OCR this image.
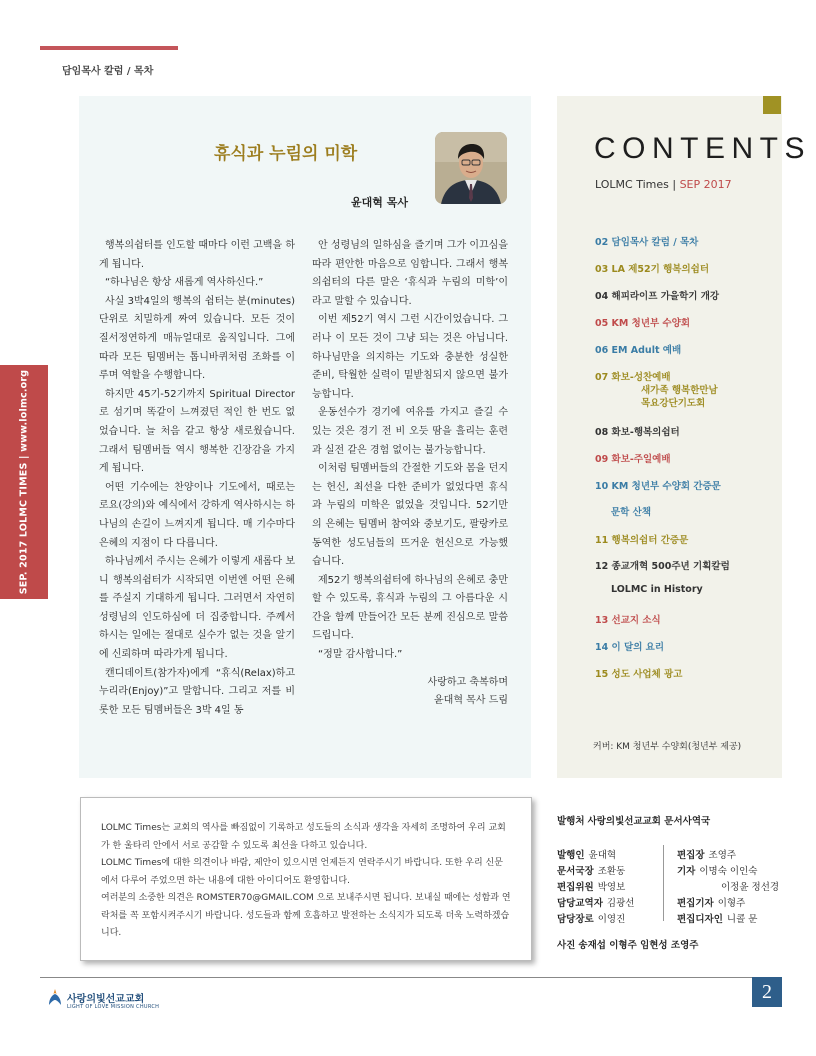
담임목사 칼럼 / 목차
SEP. 2017 LOLMC TIMES | www.lolmc.org
휴식과 누림의 미학
윤대혁 목사

행복의쉼터를 인도할 때마다 이런 고백을 하게 됩니다.

“하나님은 항상 새롭게 역사하신다.”

사실 3박4일의 행복의 쉼터는 분(minutes) 단위로 치밀하게 짜여 있습니다. 모든 것이 질서정연하게 매뉴얼대로 움직입니다. 그에 따라 모든 팀멤버는 톱니바퀴처럼 조화를 이루며 역할을 수행합니다.

하지만 45기-52기까지 Spiritual Director로 섬기며 똑같이 느껴졌던 적인 한 번도 없었습니다. 늘 처음 같고 항상 새로웠습니다. 그래서 팀멤버들 역시 행복한 긴장감을 가지게 됩니다.

어떤 기수에는 찬양이나 기도에서, 때로는 로요(강의)와 예식에서 강하게 역사하시는 하나님의 손길이 느껴지게 됩니다. 매 기수마다 은혜의 지점이 다 다릅니다.

하나님께서 주시는 은혜가 이렇게 새롭다 보니 행복의쉼터가 시작되면 이번엔 어떤 은혜를 주실지 기대하게 됩니다. 그러면서 자연히 성령님의 인도하심에 더 집중합니다. 주께서 하시는 일에는 절대로 실수가 없는 것을 알기에 신뢰하며 따라가게 됩니다.

캔디데이트(참가자)에게 “휴식(Relax)하고 누리라(Enjoy)”고 말합니다. 그리고 저를 비롯한 모든 팀멤버들은 3박 4일 동

안 성령님의 일하심을 즐기며 그가 이끄심을 따라 편안한 마음으로 임합니다. 그래서 행복의쉼터의 다른 말은 ‘휴식과 누림의 미학’이라고 말할 수 있습니다.

이번 제52기 역시 그런 시간이었습니다. 그러나 이 모든 것이 그냥 되는 것은 아닙니다. 하나님만을 의지하는 기도와 충분한 성실한 준비, 탁월한 실력이 밑받침되지 않으면 불가능합니다.

운동선수가 경기에 여유를 가지고 즐길 수 있는 것은 경기 전 비 오듯 땀을 흘리는 훈련과 실전 같은 경험 없이는 불가능합니다.

이처럼 팀멤버들의 간절한 기도와 몸을 던지는 헌신, 최선을 다한 준비가 없었다면 휴식과 누림의 미학은 없었을 것입니다. 52기만의 은혜는 팀멤버 참여와 중보기도, 팔랑카로 동역한 성도님들의 뜨거운 헌신으로 가능했습니다.

제52기 행복의쉼터에 하나님의 은혜로 충만할 수 있도록, 휴식과 누림의 그 아름다운 시간을 함께 만들어간 모든 분께 진심으로 말씀드립니다.

“정말 감사합니다.”

사랑하고 축복하며

윤대혁 목사 드림

CONTENTS
LOLMC Times | SEP 2017
02 담임목사 칼럼 / 목차
03 LA 제52기 행복의쉼터
04 해피라이프 가을학기 개강
05 KM 청년부 수양회
06 EM Adult 예배
07 화보-성찬예배
새가족 행복한만남
목요강단기도회
08 화보-행복의쉼터
09 화보-주일예배
10 KM 청년부 수양회 간증문
문학 산책
11 행복의쉼터 간증문
12 종교개혁 500주년 기획칼럼
LOLMC in History
13 선교지 소식
14 이 달의 요리
15 성도 사업체 광고
커버: KM 청년부 수양회(청년부 제공)

LOLMC Times는 교회의 역사를 빠짐없이 기록하고 성도들의 소식과 생각을 자세히 조명하여 우리 교회가 한 울타리 안에서 서로 공감할 수 있도록 최선을 다하고 있습니다.

LOLMC Times에 대한 의견이나 바람, 제안이 있으시면 언제든지 연락주시기 바랍니다. 또한 우리 신문에서 다루어 주었으면 하는 내용에 대한 아이디어도 환영합니다.

여러분의 소중한 의견은 ROMSTER70@GMAIL.COM 으로 보내주시면 됩니다. 보내실 때에는 성함과 연락처를 꼭 포함시켜주시기 바랍니다. 성도들과 함께 호흡하고 발전하는 소식지가 되도록 더욱 노력하겠습니다.

발행처 사랑의빛선교교회 문서사역국
발행인 윤대혁
문서국장 조환동
편집위원 박영보
담당교역자 김광선
담당장로 이영진
편집장 조영주
기자 이명숙 이인숙
이정윤 정선경
편집기자 이형주
편집디자인 니콜 문
사진 송재섭 이형주 임현성 조영주
사랑의빛선교교회
LIGHT OF LOVE MISSION CHURCH
2
